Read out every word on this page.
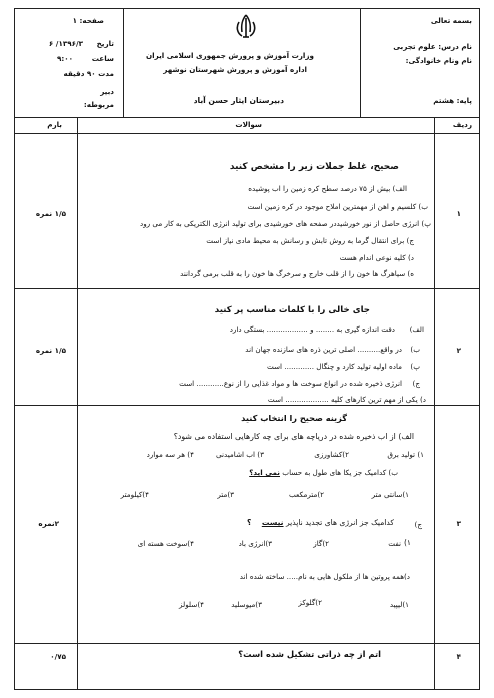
بسمه تعالی
نام درس: علوم تجربی
نام ونام خانوادگی:
پایه: هشتم
وزارت آموزش و پرورش جمهوری اسلامی ایران
اداره آموزش و پرورش شهرستان نوشهر
دبیرستان ایثار حسن آباد
صفحه: ۱
تاریخ
۱۳۹۶/۳/ ۶
ساعت
۹:۰۰
مدت ۹۰ دقیقه
دبیر
مربوطه:
ردیف
سوالات
بارم
۱
۱/۵ نمره
صحیح، غلط جملات زیر را مشخص کنید
الف) بیش از ۷۵ درصد سطح کره زمین را اب پوشیده
ب) کلسیم و اهن از مهمترین املاح موجود در کره زمین است
پ) انرژی حاصل از نور خورشیددر صفحه های خورشیدی برای تولید انرژی الکتریکی به کار می رود
ج) برای انتقال گرما به روش تابش و رسانش به محیط مادی نیاز است
د) کلیه نوعی اندام هست
ه) سیاهرگ ها خون را از قلب خارج و سرخرگ ها خون را به قلب برمی گردانند
۲
۱/۵ نمره
جای خالی را با کلمات مناسب پر کنید
الف)
دقت اندازه گیری به ........ و .................. بستگی دارد
ب)
در واقع.......... اصلی ترین ذره های سازنده جهان اند
پ)
ماده اولیه تولید کارد و چنگال ............. است
ج)
انرژی ذخیره شده در انواع سوخت ها و مواد غذایی را از نوع............ است
د) یکی از مهم ترین کارهای کلیه ................... است
۳
۲نمره
گزینه صحیح را انتخاب کنید
الف) از اب ذخیره شده در دریاچه های برای چه کارهایی استفاده می شود؟
۱) تولید برق
۲)کشاورزی
۳) اب اشامیدنی
۴) هر سه موارد
ب) کدامیک جز یکا های طول به حساب نمی اید؟
۱)سانتی متر
۲)مترمکعب
۳)متر
۴)کیلومتر
ج)
کدامیک جز انرژی های تجدید ناپذیر نیست ؟
۱)
نفت
۲)گاز
۳)انرژی باد
۴)سوخت هسته ای
د)همه پروتین ها از ملکول هایی به نام..... ساخته شده اند
۱)لیپید
۲)گلوکز
۳)میوسلید
۴)سلولز
۴
۰/۷۵	اتم از چه ذراتی تشکیل شده است؟
